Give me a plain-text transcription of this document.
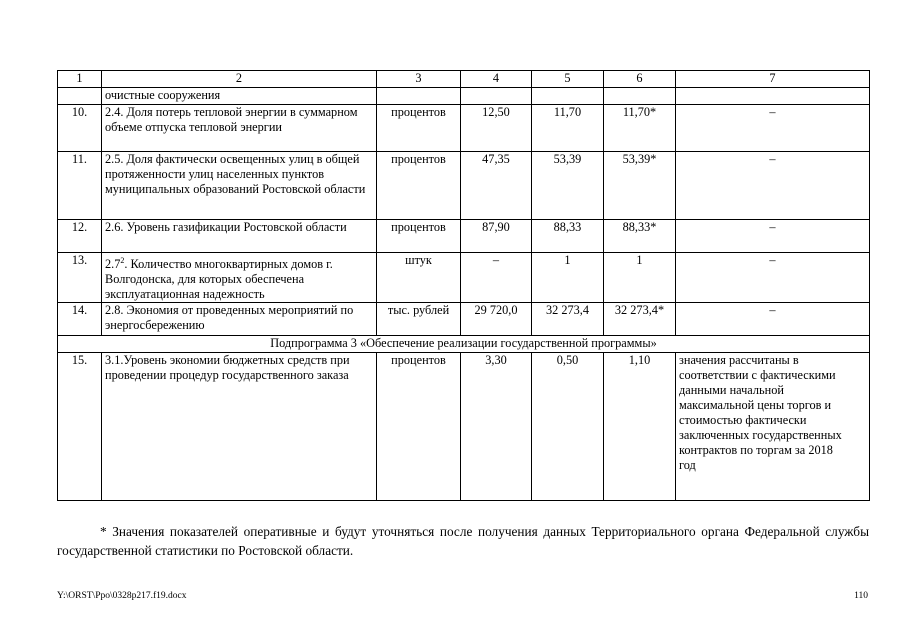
1	2	3	4	5	6	7
	очистные сооружения					
10.	2.4. Доля потерь тепловой энергии в суммарном объеме отпуска тепловой энергии	процентов	12,50	11,70	11,70*	–
11.	2.5. Доля фактически освещенных улиц в общей протяженности улиц населенных пунктов муниципальных образований Ростовской области	процентов	47,35	53,39	53,39*	–
12.	2.6. Уровень газификации Ростовской области	процентов	87,90	88,33	88,33*	–
13.	$2.7^2$. Количество многоквартирных домов г. Волгодонска, для которых обеспечена эксплуатационная надежность	штук	–	1	1	–
14.	2.8. Экономия от проведенных мероприятий по энергосбережению	тыс. рублей	29 720,0	32 273,4	32 273,4*	–
Подпрограмма 3 «Обеспечение реализации государственной программы»						
15.	3.1.Уровень экономии бюджетных средств при проведении процедур государственного заказа	процентов	3,30	0,50	1,10	значения рассчитаны в соответствии с фактическими данными начальной максимальной цены торгов и стоимостью фактически заключенных государственных контрактов по торгам за 2018 год
* Значения показателей оперативные и будут уточняться после получения данных Территориального органа Федеральной службы государственной статистики по Ростовской области.
Y:\ORST\Ppo\0328p217.f19.docx	110
